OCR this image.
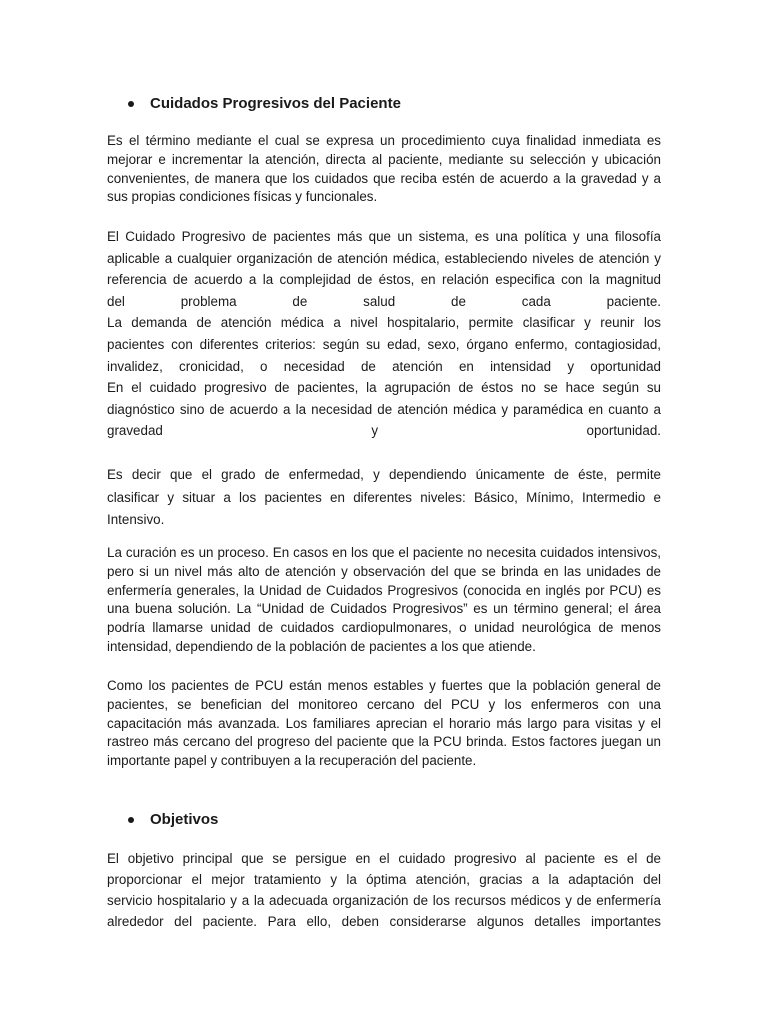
Cuidados Progresivos del Paciente
Es el término mediante el cual se expresa un procedimiento cuya finalidad inmediata es
mejorar e incrementar la atención, directa al paciente, mediante su selección y ubicación
convenientes, de manera que los cuidados que reciba estén de acuerdo a la gravedad y a
sus propias condiciones físicas y funcionales.
El Cuidado Progresivo de pacientes más que un sistema, es una política y una filosofía
aplicable a cualquier organización de atención médica, estableciendo niveles de atención y
referencia de acuerdo a la complejidad de éstos, en relación especifica con la magnitud
del problema de salud de cada paciente.
La demanda de atención médica a nivel hospitalario, permite clasificar y reunir los
pacientes con diferentes criterios: según su edad, sexo, órgano enfermo, contagiosidad,
invalidez, cronicidad, o necesidad de atención en intensidad y oportunidad
En el cuidado progresivo de pacientes, la agrupación de éstos no se hace según su
diagnóstico sino de acuerdo a la necesidad de atención médica y paramédica en cuanto a
gravedad y oportunidad.
Es decir que el grado de enfermedad, y dependiendo únicamente de éste, permite
clasificar y situar a los pacientes en diferentes niveles: Básico, Mínimo, Intermedio e
Intensivo.
La curación es un proceso. En casos en los que el paciente no necesita cuidados intensivos,
pero si un nivel más alto de atención y observación del que se brinda en las unidades de
enfermería generales, la Unidad de Cuidados Progresivos (conocida en inglés por PCU) es
una buena solución. La “Unidad de Cuidados Progresivos” es un término general; el área
podría llamarse unidad de cuidados cardiopulmonares, o unidad neurológica de menos
intensidad, dependiendo de la población de pacientes a los que atiende.
Como los pacientes de PCU están menos estables y fuertes que la población general de
pacientes, se benefician del monitoreo cercano del PCU y los enfermeros con una
capacitación más avanzada. Los familiares aprecian el horario más largo para visitas y el
rastreo más cercano del progreso del paciente que la PCU brinda. Estos factores juegan un
importante papel y contribuyen a la recuperación del paciente.
Objetivos
El objetivo principal que se persigue en el cuidado progresivo al paciente es el de
proporcionar el mejor tratamiento y la óptima atención, gracias a la adaptación del
servicio hospitalario y a la adecuada organización de los recursos médicos y de enfermería
alrededor del paciente. Para ello, deben considerarse algunos detalles importantes
